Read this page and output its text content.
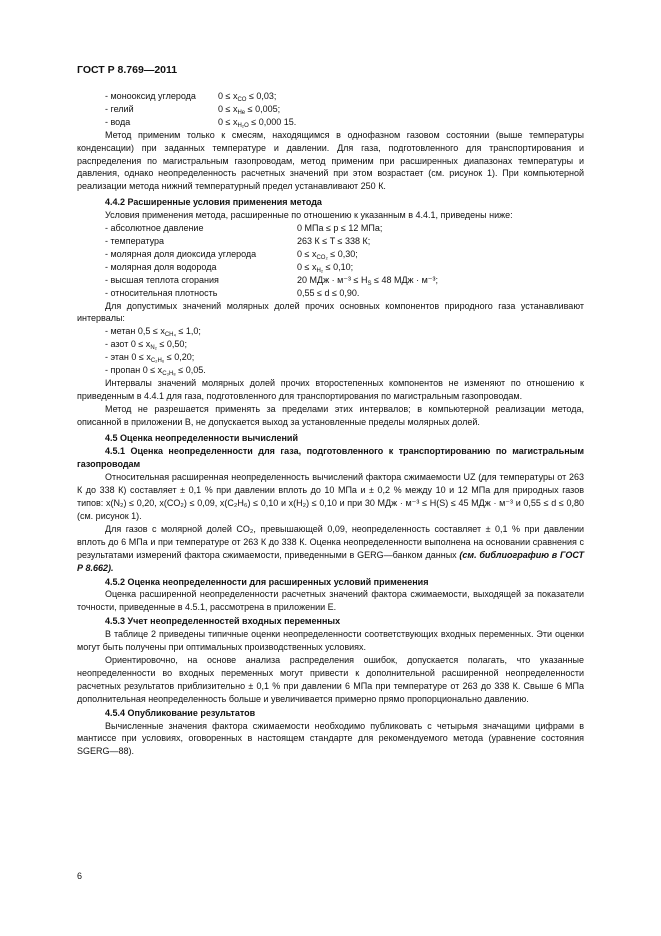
ГОСТ Р 8.769—2011

- монооксид углерода $0 \le x_{CO} \le 0,03$;

- гелий	$0 \le x_{He} \le 0,005$;

- вода	$0 \le x_{H_2O} \le 0,000$ 15.

Метод применим только к смесям, находящимся в однофазном газовом состоянии (выше температуры конденсации) при заданных температуре и давлении. Для газа, подготовленного для транспортирования и распределения по магистральным газопроводам, метод применим при расширенных диапазонах температуры и давления, однако неопределенность расчетных значений при этом возрастает (см. рисунок 1). При компьютерной реализации метода нижний температурный предел устанавливают 250 К.

4.4.2 Расширенные условия применения метода

Условия применения метода, расширенные по отношению к указанным в 4.4.1, приведены ниже:

- абсолютное давление	0 МПа ≤ p ≤ 12 МПа;

- температура	263 К ≤ T ≤ 338 К;

- молярная доля диоксида углерода	$0 \le x_{CO_2} \le 0,30$;

- молярная доля водорода	$0 \le x_{H_2} \le 0,10$;

- высшая теплота сгорания	20 МДж · $м^{-3} \le H_S \le 48$ МДж · м⁻³;

- относительная плотность	0,55 ≤ d ≤ 0,90.

Для допустимых значений молярных долей прочих основных компонентов природного газа устанавливают интервалы:

- метан $0,5 \le x_{CH_4} \le 1,0$;

- азот $0 \le x_{N_2} \le 0,50$;

- этан $0 \le x_{C_2H_6} \le 0,20$;

- пропан $0 \le x_{C_3H_8} \le 0,05$.

Интервалы значений молярных долей прочих второстепенных компонентов не изменяют по отношению к приведенным в 4.4.1 для газа, подготовленного для транспортирования по магистральным газопроводам.

Метод не разрешается применять за пределами этих интервалов; в компьютерной реализации метода, описанной в приложении В, не допускается выход за установленные пределы молярных долей.

4.5 Оценка неопределенности вычислений

4.5.1 Оценка неопределенности для газа, подготовленного к транспортированию по магистральным газопроводам

Относительная расширенная неопределенность вычислений фактора сжимаемости UZ (для температуры от 263 К до 338 К) составляет ± 0,1 % при давлении вплоть до 10 МПа и ± 0,2 % между 10 и 12 МПа для природных газов типов: x(N₂) ≤ 0,20, x(CO₂) ≤ 0,09, x(C₂H₆) ≤ 0,10 и x(H₂) ≤ 0,10 и при 30 МДж · м⁻³ ≤ H(S) ≤ 45 МДж · м⁻³ и 0,55 ≤ d ≤ 0,80 (см. рисунок 1).

Для газов с молярной долей CO₂, превышающей 0,09, неопределенность составляет ± 0,1 % при давлении вплоть до 6 МПа и при температуре от 263 К до 338 К. Оценка неопределенности выполнена на основании сравнения с результатами измерений фактора сжимаемости, приведенными в GERG—банком данных (см. библиографию в ГОСТ Р 8.662).

4.5.2 Оценка неопределенности для расширенных условий применения

Оценка расширенной неопределенности расчетных значений фактора сжимаемости, выходящей за показатели точности, приведенные в 4.5.1, рассмотрена в приложении Е.

4.5.3 Учет неопределенностей входных переменных

В таблице 2 приведены типичные оценки неопределенности соответствующих входных переменных. Эти оценки могут быть получены при оптимальных производственных условиях.

Ориентировочно, на основе анализа распределения ошибок, допускается полагать, что указанные неопределенности во входных переменных могут привести к дополнительной расширенной неопределенности расчетных результатов приблизительно ± 0,1 % при давлении 6 МПа при температуре от 263 до 338 К. Свыше 6 МПа дополнительная неопределенность больше и увеличивается примерно прямо пропорционально давлению.

4.5.4 Опубликование результатов

Вычисленные значения фактора сжимаемости необходимо публиковать с четырьмя значащими цифрами в мантиссе при условиях, оговоренных в настоящем стандарте для рекомендуемого метода (уравнение состояния SGERG—88).

6
